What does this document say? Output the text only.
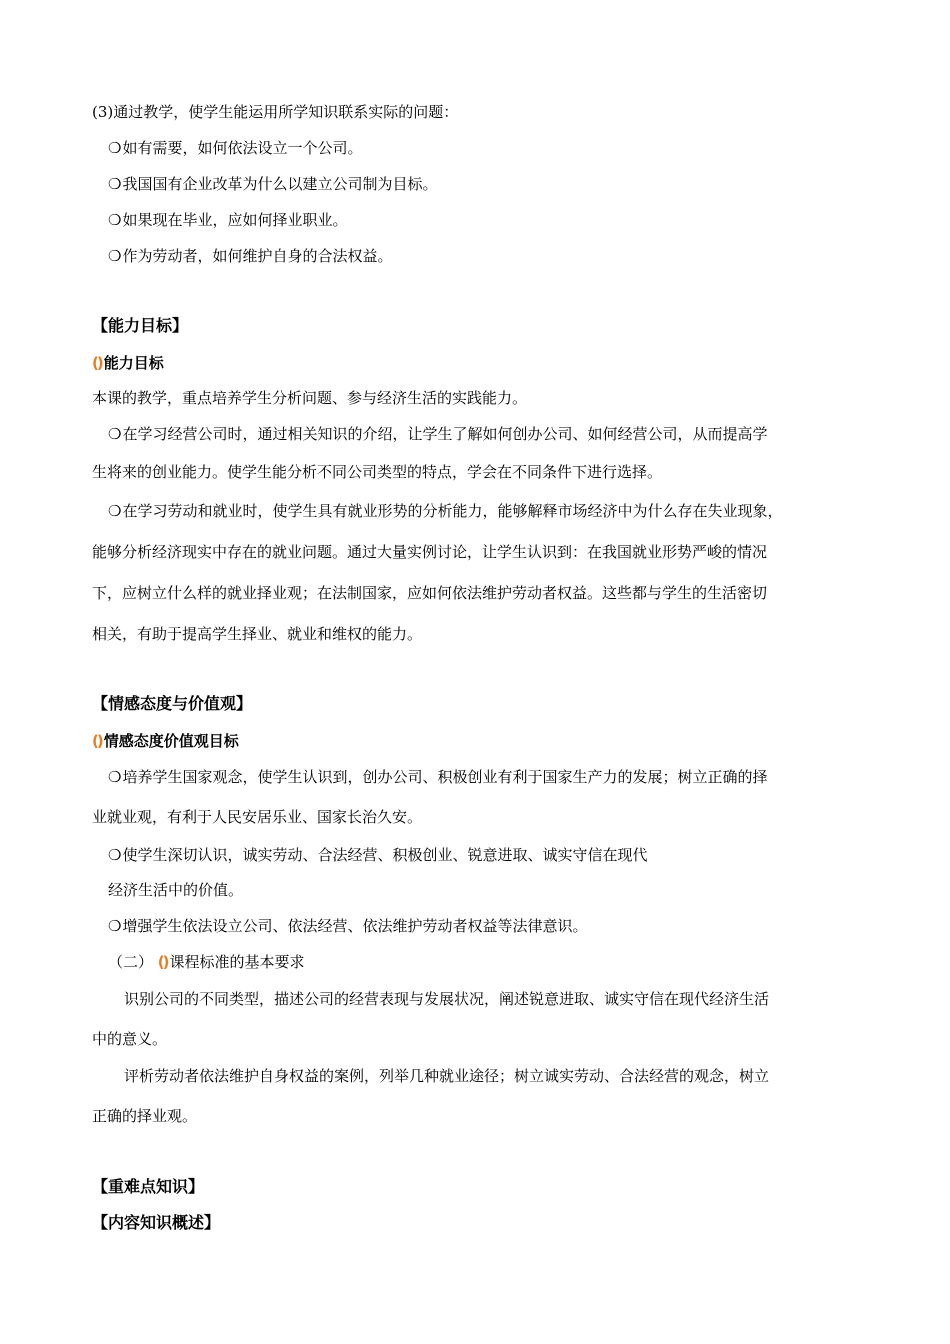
(3)通过教学，使学生能运用所学知识联系实际的问题：
❍如有需要，如何依法设立一个公司。
❍我国国有企业改革为什么以建立公司制为目标。
❍如果现在毕业，应如何择业职业。
❍作为劳动者，如何维护自身的合法权益。
【能力目标】
() 能力目标
本课的教学，重点培养学生分析问题、参与经济生活的实践能力。
❍在学习经营公司时，通过相关知识的介绍，让学生了解如何创办公司、如何经营公司，从而提高学
生将来的创业能力。使学生能分析不同公司类型的特点，学会在不同条件下进行选择。
❍在学习劳动和就业时，使学生具有就业形势的分析能力，能够解释市场经济中为什么存在失业现象，
能够分析经济现实中存在的就业问题。通过大量实例讨论，让学生认识到：在我国就业形势严峻的情况
下，应树立什么样的就业择业观；在法制国家，应如何依法维护劳动者权益。这些都与学生的生活密切
相关，有助于提高学生择业、就业和维权的能力。
【情感态度与价值观】
() 情感态度价值观目标
❍培养学生国家观念，使学生认识到，创办公司、积极创业有利于国家生产力的发展；树立正确的择
业就业观，有利于人民安居乐业、国家长治久安。
❍使学生深切认识，诚实劳动、合法经营、积极创业、锐意进取、诚实守信在现代
经济生活中的价值。
❍增强学生依法设立公司、依法经营、依法维护劳动者权益等法律意识。
（二） () 课程标准的基本要求
识别公司的不同类型，描述公司的经营表现与发展状况，阐述锐意进取、诚实守信在现代经济生活
中的意义。
评析劳动者依法维护自身权益的案例，列举几种就业途径；树立诚实劳动、合法经营的观念，树立
正确的择业观。
【重难点知识】
【内容知识概述】
